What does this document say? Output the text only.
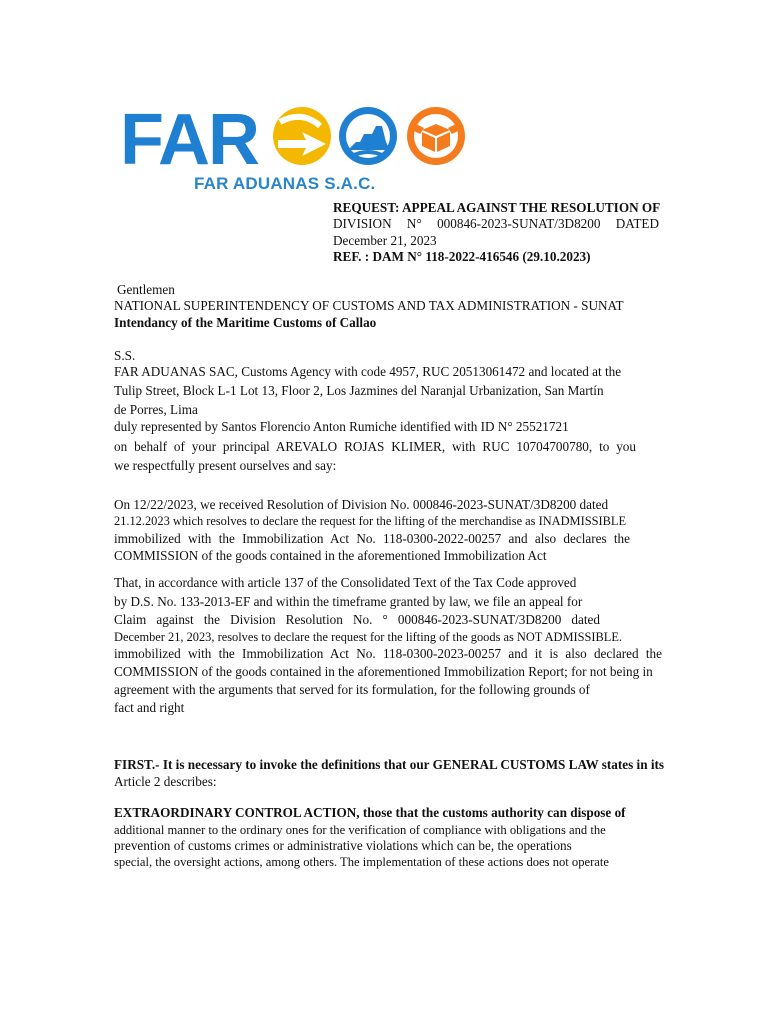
FAR
FAR ADUANAS S.A.C.
REQUEST: APPEAL AGAINST THE RESOLUTION OF
DIVISION N° 000846-2023-SUNAT/3D8200 DATED
December 21, 2023
REF. : DAM N° 118-2022-416546 (29.10.2023)
Gentlemen
NATIONAL SUPERINTENDENCY OF CUSTOMS AND TAX ADMINISTRATION - SUNAT
Intendancy of the Maritime Customs of Callao
S.S.
FAR ADUANAS SAC, Customs Agency with code 4957, RUC 20513061472 and located at the
Tulip Street, Block L-1 Lot 13, Floor 2, Los Jazmines del Naranjal Urbanization, San Martín
de Porres, Lima
duly represented by Santos Florencio Anton Rumiche identified with ID N° 25521721
on behalf of your principal AREVALO ROJAS KLIMER, with RUC 10704700780, to you
we respectfully present ourselves and say:
On 12/22/2023, we received Resolution of Division No. 000846-2023-SUNAT/3D8200 dated
21.12.2023 which resolves to declare the request for the lifting of the merchandise as INADMISSIBLE
immobilized with the Immobilization Act No. 118-0300-2022-00257 and also declares the
COMMISSION of the goods contained in the aforementioned Immobilization Act
That, in accordance with article 137 of the Consolidated Text of the Tax Code approved
by D.S. No. 133-2013-EF and within the timeframe granted by law, we file an appeal for
Claim against the Division Resolution No. ° 000846-2023-SUNAT/3D8200 dated
December 21, 2023, resolves to declare the request for the lifting of the goods as NOT ADMISSIBLE.
immobilized with the Immobilization Act No. 118-0300-2023-00257 and it is also declared the
COMMISSION of the goods contained in the aforementioned Immobilization Report; for not being in
agreement with the arguments that served for its formulation, for the following grounds of
fact and right
FIRST.- It is necessary to invoke the definitions that our GENERAL CUSTOMS LAW states in its
Article 2 describes:
EXTRAORDINARY CONTROL ACTION, those that the customs authority can dispose of
additional manner to the ordinary ones for the verification of compliance with obligations and the
prevention of customs crimes or administrative violations which can be, the operations
special, the oversight actions, among others. The implementation of these actions does not operate
